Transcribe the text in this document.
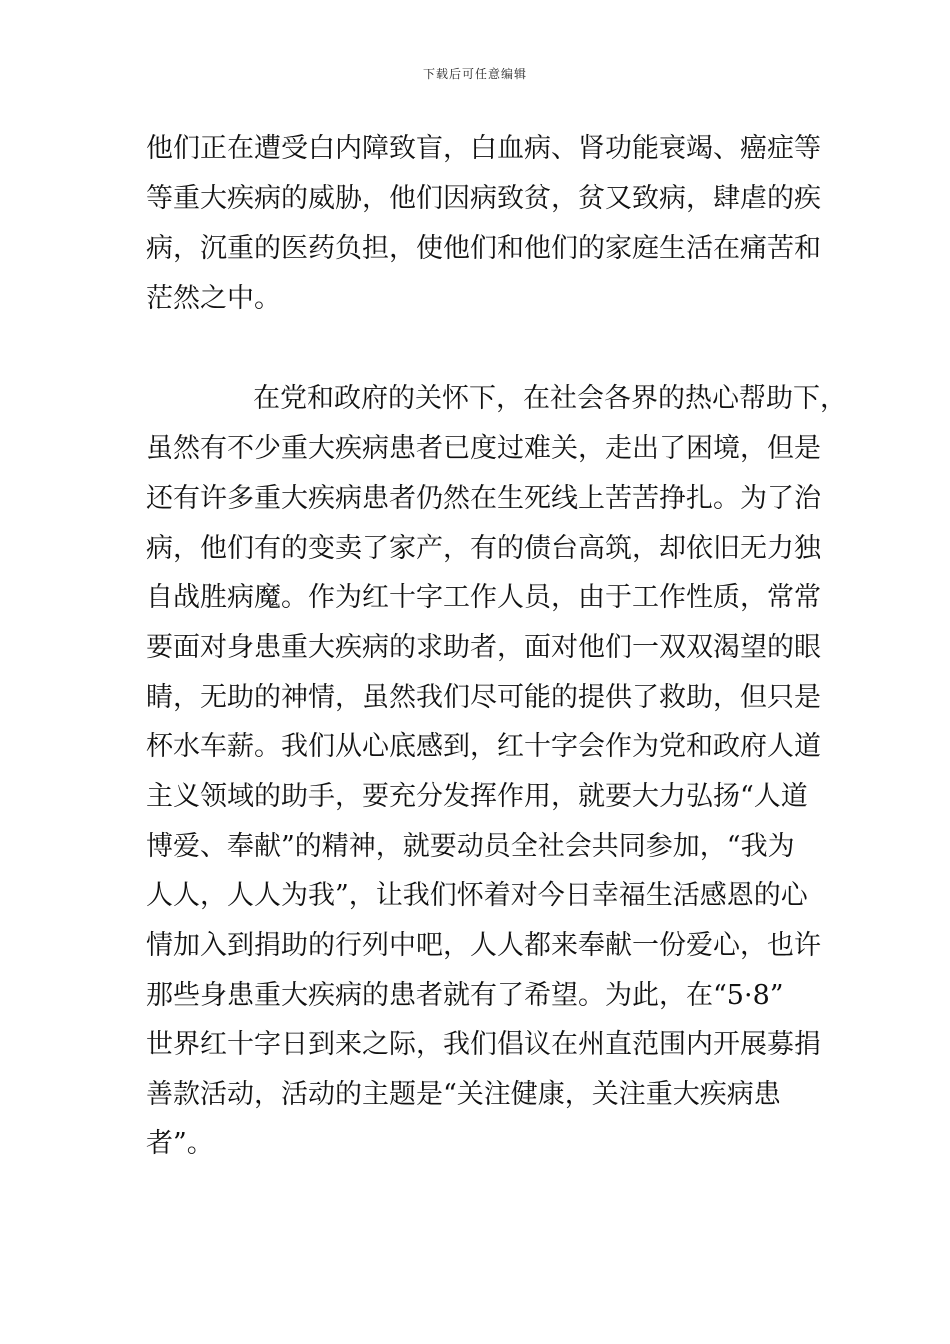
下载后可任意编辑
他们正在遭受白内障致盲，白血病、肾功能衰竭、癌症等
等重大疾病的威胁，他们因病致贫，贫又致病，肆虐的疾
病，沉重的医药负担，使他们和他们的家庭生活在痛苦和
茫然之中。
在党和政府的关怀下，在社会各界的热心帮助下，
虽然有不少重大疾病患者已度过难关，走出了困境，但是
还有许多重大疾病患者仍然在生死线上苦苦挣扎。为了治
病，他们有的变卖了家产，有的债台高筑，却依旧无力独
自战胜病魔。作为红十字工作人员，由于工作性质，常常
要面对身患重大疾病的求助者，面对他们一双双渴望的眼
睛，无助的神情，虽然我们尽可能的提供了救助，但只是
杯水车薪。我们从心底感到，红十字会作为党和政府人道
主义领域的助手，要充分发挥作用，就要大力弘扬“人道
博爱、奉献”的精神，就要动员全社会共同参加，“我为
人人，人人为我”，让我们怀着对今日幸福生活感恩的心
情加入到捐助的行列中吧，人人都来奉献一份爱心，也许
那些身患重大疾病的患者就有了希望。为此，在“5·8”
世界红十字日到来之际，我们倡议在州直范围内开展募捐
善款活动，活动的主题是“关注健康，关注重大疾病患
者”。
